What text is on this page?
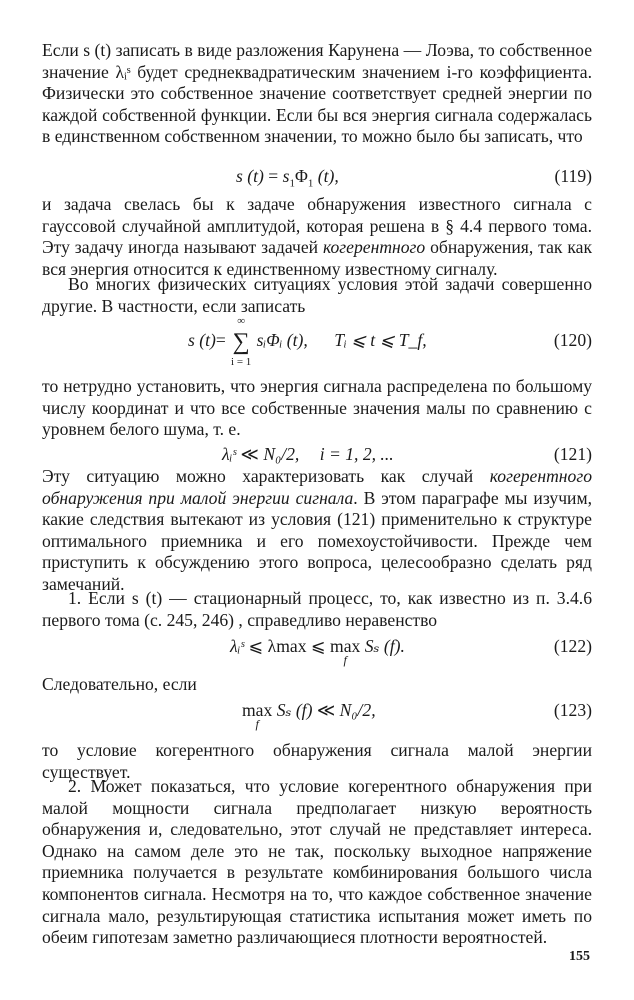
Если s (t) записать в виде разложения Карунена — Лоэва, то собственное значение λᵢˢ будет среднеквадратическим значением i-го коэффициента. Физически это собственное значение соответствует средней энергии по каждой собственной функции. Если бы вся энергия сигнала содержалась в единственном собственном значении, то можно было бы записать, что

s $(t) = s_1\Phi_1$ (t),	(119)

и задача свелась бы к задаче обнаружения известного сигнала с гауссовой случайной амплитудой, которая решена в § 4.4 первого тома. Эту задачу иногда называют задачей когерентного обнаружения, так как вся энергия относится к единственному известному сигналу.

Во многих физических ситуациях условия этой задачи совершенно другие. В частности, если записать

s (t)=
∞
∑
i = 1
sᵢΦᵢ (t), Tᵢ ⩽ t ⩽ T_f,	(120)

то нетрудно установить, что энергия сигнала распределена по большому числу координат и что все собственные значения малы по сравнению с уровнем белого шума, т. е.

λᵢˢ ≪ N₀/2, i = 1, 2, ...	(121)

Эту ситуацию можно характеризовать как случай когерентного обнаружения при малой энергии сигнала. В этом параграфе мы изучим, какие следствия вытекают из условия (121) применительно к структуре оптимального приемника и его помехоустойчивости. Прежде чем приступить к обсуждению этого вопроса, целесообразно сделать ряд замечаний.

1. Если s (t) — стационарный процесс, то, как известно из п. 3.4.6 первого тома (с. 245, 246) , справедливо неравенство

λᵢˢ ⩽ λmax ⩽ max
f
Sₛ (f).	(122)

Следовательно, если

max
f
Sₛ (f) ≪ N₀/2,	(123)

то условие когерентного обнаружения сигнала малой энергии существует.

2. Может показаться, что условие когерентного обнаружения при малой мощности сигнала предполагает низкую вероятность обнаружения и, следовательно, этот случай не представляет интереса. Однако на самом деле это не так, поскольку выходное напряжение приемника получается в результате комбинирования большого числа компонентов сигнала. Несмотря на то, что каждое собственное значение сигнала мало, результирующая статистика испытания может иметь по обеим гипотезам заметно различающиеся плотности вероятностей.

155
